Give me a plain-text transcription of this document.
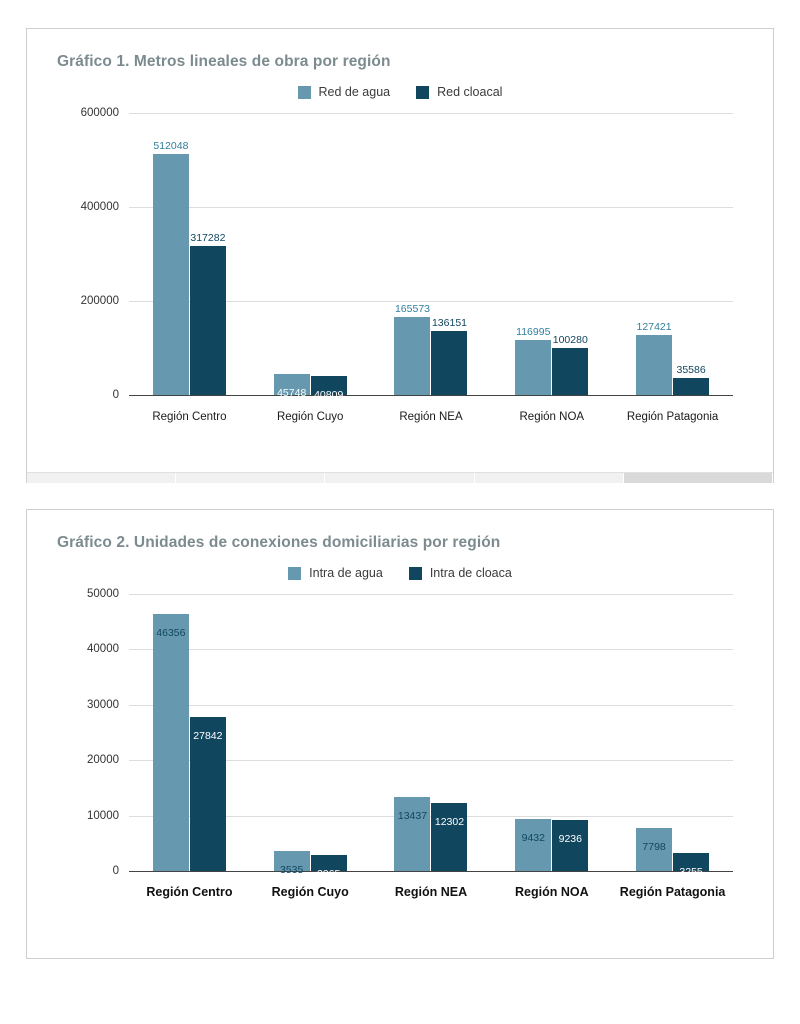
Gráfico 1. Metros lineales de obra por región
Red de agua	Red cloacal
600000
400000
200000
0
512048
317282
45748 40809
165573
136151
116995
100280
127421
35586
Región Centro	Región Cuyo	Región NEA	Región NOA	Región Patagonia
Gráfico 2. Unidades de conexiones domiciliarias por región
Intra de agua	Intra de cloaca
50000
40000
30000
20000
10000
0
46356
27842
3535 2965
13437
12302
9432 9236
7798
3255
Región Centro	Región Cuyo	Región NEA	Región NOA	Región Patagonia
